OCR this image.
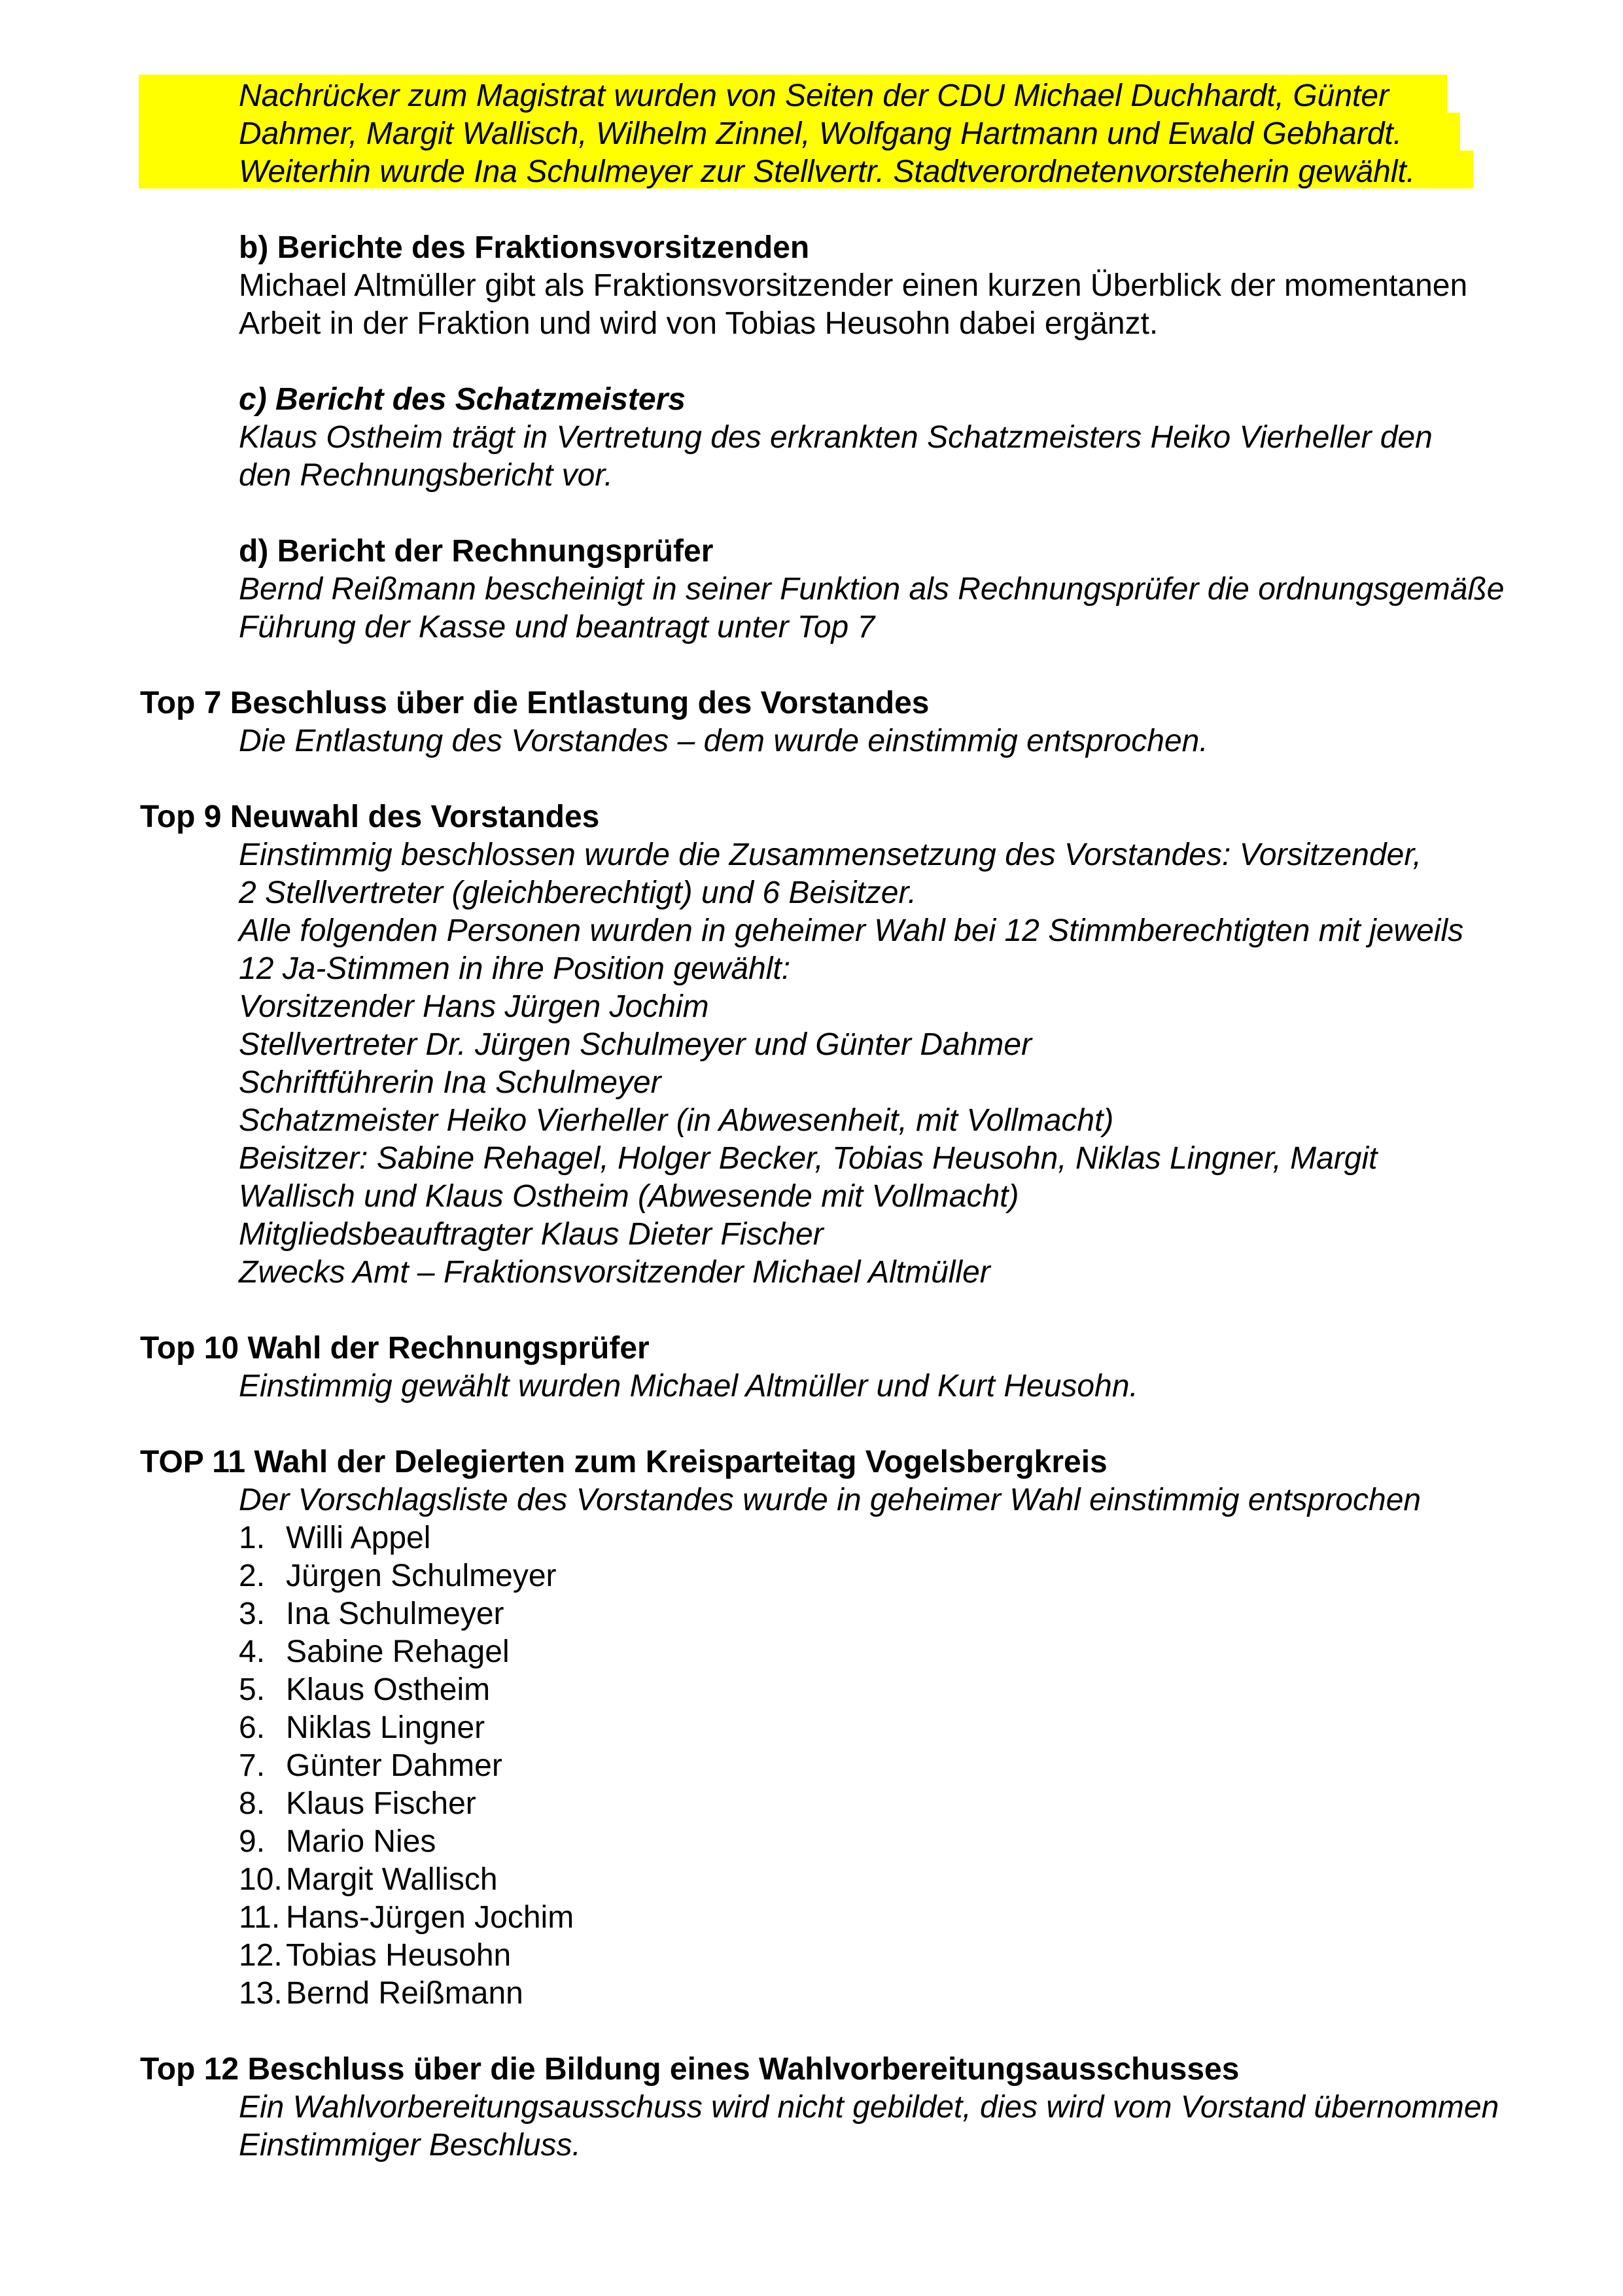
Nachrücker zum Magistrat wurden von Seiten der CDU Michael Duchhardt, Günter
Dahmer, Margit Wallisch, Wilhelm Zinnel, Wolfgang Hartmann und Ewald Gebhardt.
Weiterhin wurde Ina Schulmeyer zur Stellvertr. Stadtverordnetenvorsteherin gewählt.
b) Berichte des Fraktionsvorsitzenden
Michael Altmüller gibt als Fraktionsvorsitzender einen kurzen Überblick der momentanen
Arbeit in der Fraktion und wird von Tobias Heusohn dabei ergänzt.
c) Bericht des Schatzmeisters
Klaus Ostheim trägt in Vertretung des erkrankten Schatzmeisters Heiko Vierheller den
den Rechnungsbericht vor.
d) Bericht der Rechnungsprüfer
Bernd Reißmann bescheinigt in seiner Funktion als Rechnungsprüfer die ordnungsgemäße
Führung der Kasse und beantragt unter Top 7
Top 7 Beschluss über die Entlastung des Vorstandes
Die Entlastung des Vorstandes – dem wurde einstimmig entsprochen.
Top 9 Neuwahl des Vorstandes
Einstimmig beschlossen wurde die Zusammensetzung des Vorstandes: Vorsitzender,
2 Stellvertreter (gleichberechtigt) und 6 Beisitzer.
Alle folgenden Personen wurden in geheimer Wahl bei 12 Stimmberechtigten mit jeweils
12 Ja-Stimmen in ihre Position gewählt:
Vorsitzender Hans Jürgen Jochim
Stellvertreter Dr. Jürgen Schulmeyer und Günter Dahmer
Schriftführerin Ina Schulmeyer
Schatzmeister Heiko Vierheller (in Abwesenheit, mit Vollmacht)
Beisitzer: Sabine Rehagel, Holger Becker, Tobias Heusohn, Niklas Lingner, Margit
Wallisch und Klaus Ostheim (Abwesende mit Vollmacht)
Mitgliedsbeauftragter Klaus Dieter Fischer
Zwecks Amt – Fraktionsvorsitzender Michael Altmüller
Top 10 Wahl der Rechnungsprüfer
Einstimmig gewählt wurden Michael Altmüller und Kurt Heusohn.
TOP 11 Wahl der Delegierten zum Kreisparteitag Vogelsbergkreis
Der Vorschlagsliste des Vorstandes wurde in geheimer Wahl einstimmig entsprochen
1. Willi Appel
2. Jürgen Schulmeyer
3. Ina Schulmeyer
4. Sabine Rehagel
5. Klaus Ostheim
6. Niklas Lingner
7. Günter Dahmer
8. Klaus Fischer
9. Mario Nies
10. Margit Wallisch
11. Hans-Jürgen Jochim
12. Tobias Heusohn
13. Bernd Reißmann
Top 12 Beschluss über die Bildung eines Wahlvorbereitungsausschusses
Ein Wahlvorbereitungsausschuss wird nicht gebildet, dies wird vom Vorstand übernommen
Einstimmiger Beschluss.
